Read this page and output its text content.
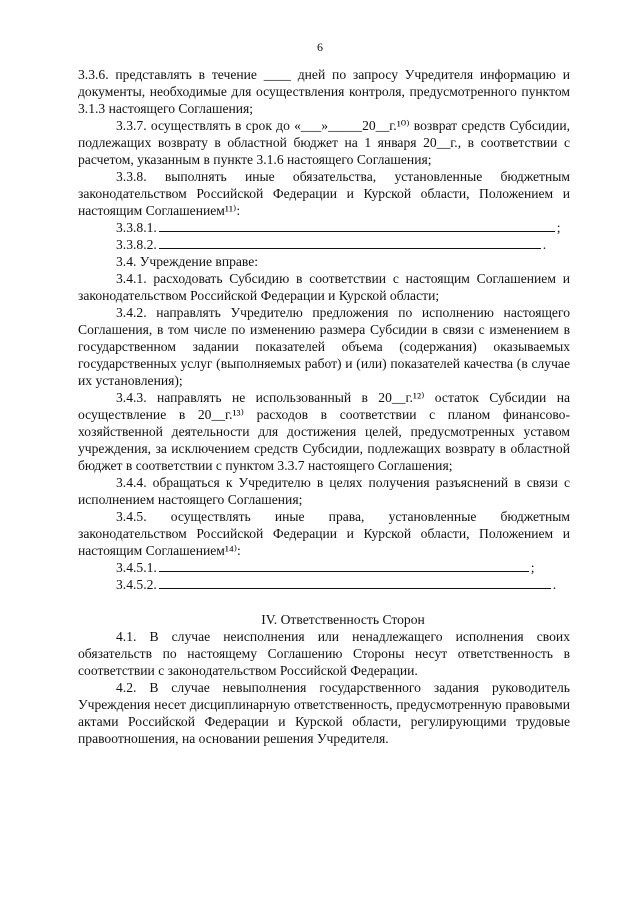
6

3.3.6. представлять в течение ____ дней по запросу Учредителя информацию и документы, необходимые для осуществления контроля, предусмотренного пунктом 3.1.3 настоящего Соглашения;

3.3.7. осуществлять в срок до «___»_____20__г.¹⁰⁾ возврат средств Субсидии, подлежащих возврату в областной бюджет на 1 января 20__г., в соответствии с расчетом, указанным в пункте 3.1.6 настоящего Соглашения;

3.3.8. выполнять иные обязательства, установленные бюджетным законодательством Российской Федерации и Курской области, Положением и настоящим Соглашением¹¹⁾:

3.3.8.1.	;
3.3.8.2.	.

3.4. Учреждение вправе:

3.4.1. расходовать Субсидию в соответствии с настоящим Соглашением и законодательством Российской Федерации и Курской области;

3.4.2. направлять Учредителю предложения по исполнению настоящего Соглашения, в том числе по изменению размера Субсидии в связи с изменением в государственном задании показателей объема (содержания) оказываемых государственных услуг (выполняемых работ) и (или) показателей качества (в случае их установления);

3.4.3. направлять не использованный в 20__г.¹²⁾ остаток Субсидии на осуществление в 20__г.¹³⁾ расходов в соответствии с планом финансово-хозяйственной деятельности для достижения целей, предусмотренных уставом учреждения, за исключением средств Субсидии, подлежащих возврату в областной бюджет в соответствии с пунктом 3.3.7 настоящего Соглашения;

3.4.4. обращаться к Учредителю в целях получения разъяснений в связи с исполнением настоящего Соглашения;

3.4.5. осуществлять иные права, установленные бюджетным законодательством Российской Федерации и Курской области, Положением и настоящим Соглашением¹⁴⁾:

3.4.5.1.	;
3.4.5.2.	.
IV. Ответственность Сторон

4.1. В случае неисполнения или ненадлежащего исполнения своих обязательств по настоящему Соглашению Стороны несут ответственность в соответствии с законодательством Российской Федерации.

4.2. В случае невыполнения государственного задания руководитель Учреждения несет дисциплинарную ответственность, предусмотренную правовыми актами Российской Федерации и Курской области, регулирующими трудовые правоотношения, на основании решения Учредителя.
